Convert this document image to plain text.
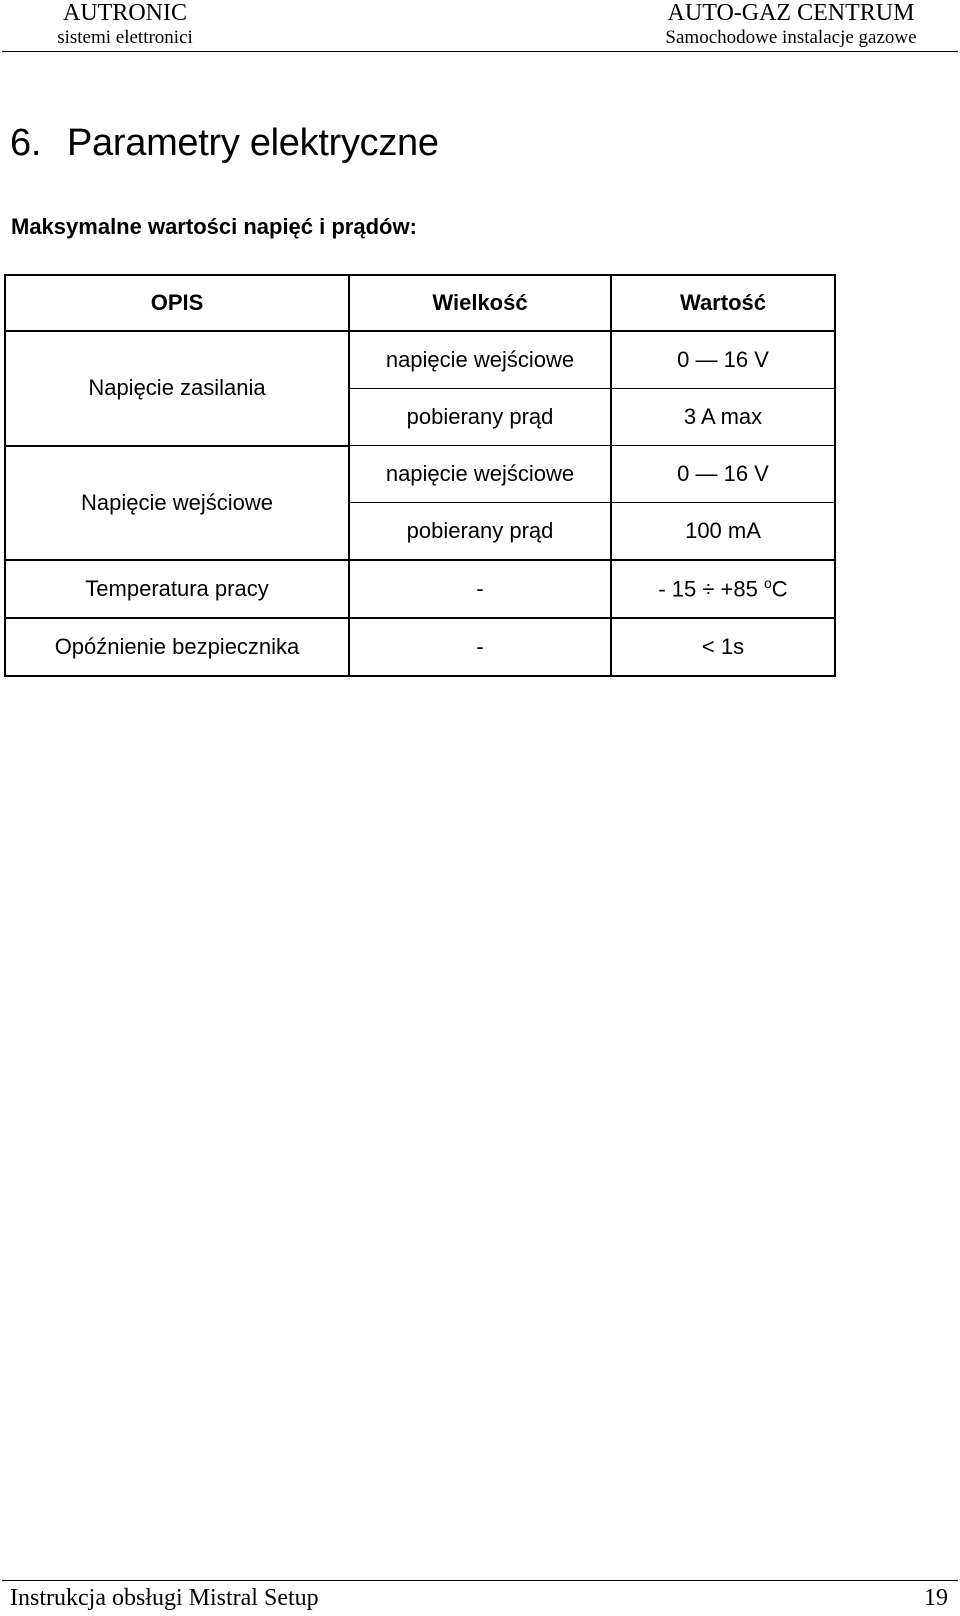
AUTRONIC
sistemi elettronici
AUTO-GAZ CENTRUM
Samochodowe instalacje gazowe
6. Parametry elektryczne
Maksymalne wartości napięć i prądów:
OPIS	Wielkość	Wartość
Napięcie zasilania	napięcie wejściowe	0 — 16 V
	pobierany prąd	3 A max
Napięcie wejściowe	napięcie wejściowe	0 — 16 V
	pobierany prąd	100 mA
Temperatura pracy	-	- 15 ÷ +85 $^o$C
Opóźnienie bezpiecznika	-	< 1s
Instrukcja obsługi Mistral Setup	19
